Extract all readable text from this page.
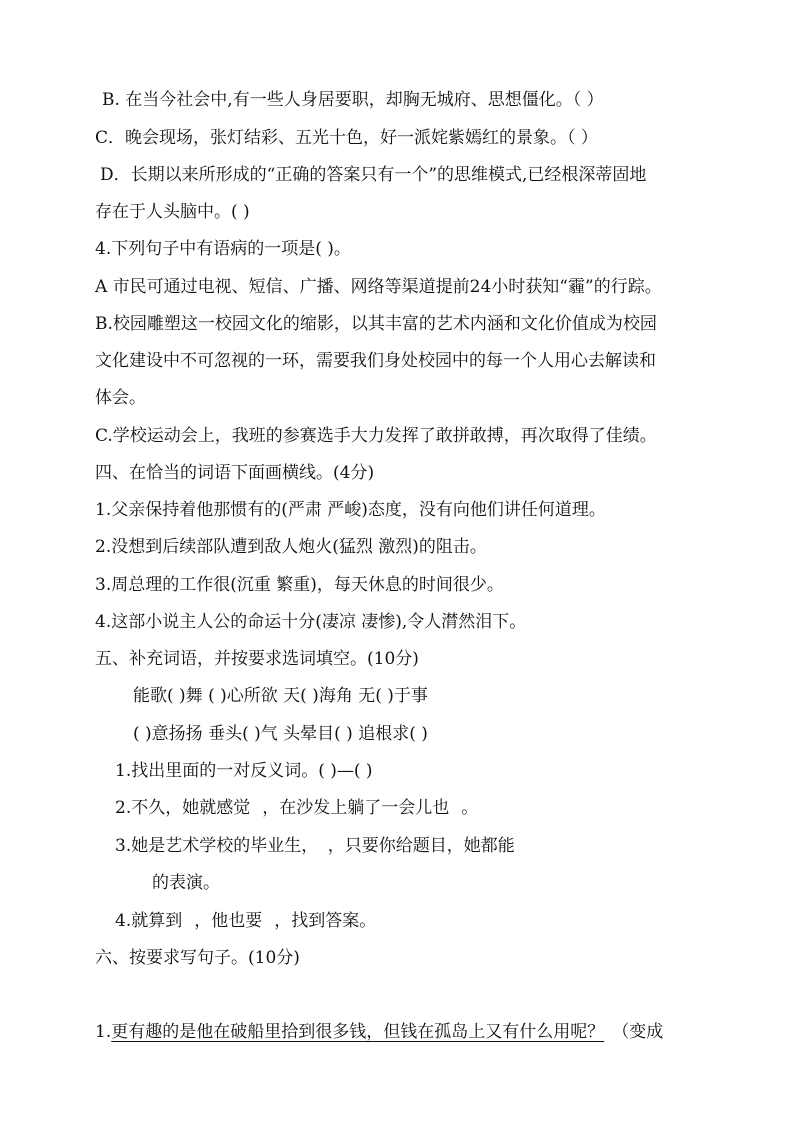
B. 在当今社会中,有一些人身居要职，却胸无城府、思想僵化。（ ）
C．晚会现场，张灯结彩、五光十色，好一派姹紫嫣红的景象。（ ）
D．长期以来所形成的“正确的答案只有一个”的思维模式,已经根深蒂固地
存在于人头脑中。( )
4.下列句子中有语病的一项是( )。
A 市民可通过电视、短信、广播、网络等渠道提前24小时获知“霾”的行踪。
B.校园雕塑这一校园文化的缩影，以其丰富的艺术内涵和文化价值成为校园
文化建设中不可忽视的一环，需要我们身处校园中的每一个人用心去解读和
体会。
C.学校运动会上，我班的参赛选手大力发挥了敢拼敢搏，再次取得了佳绩。
四、在恰当的词语下面画横线。(4分)
1.父亲保持着他那惯有的(严肃 严峻)态度，没有向他们讲任何道理。
2.没想到后续部队遭到敌人炮火(猛烈 激烈)的阻击。
3.周总理的工作很(沉重 繁重)，每天休息的时间很少。
4.这部小说主人公的命运十分(凄凉 凄惨),令人潸然泪下。
五、补充词语，并按要求选词填空。(10分)
能歌( )舞 ( )心所欲 天( )海角 无( )于事
( )意扬扬 垂头( )气 头晕目( ) 追根求( )
1.找出里面的一对反义词。( )—( )
2.不久，她就感觉 ，在沙发上躺了一会儿也 。
3.她是艺术学校的毕业生， ，只要你给题目，她都能
的表演。
4.就算到 ，他也要 ，找到答案。
六、按要求写句子。(10分)
1.更有趣的是他在破船里拾到很多钱，但钱在孤岛上又有什么用呢？ （变成
